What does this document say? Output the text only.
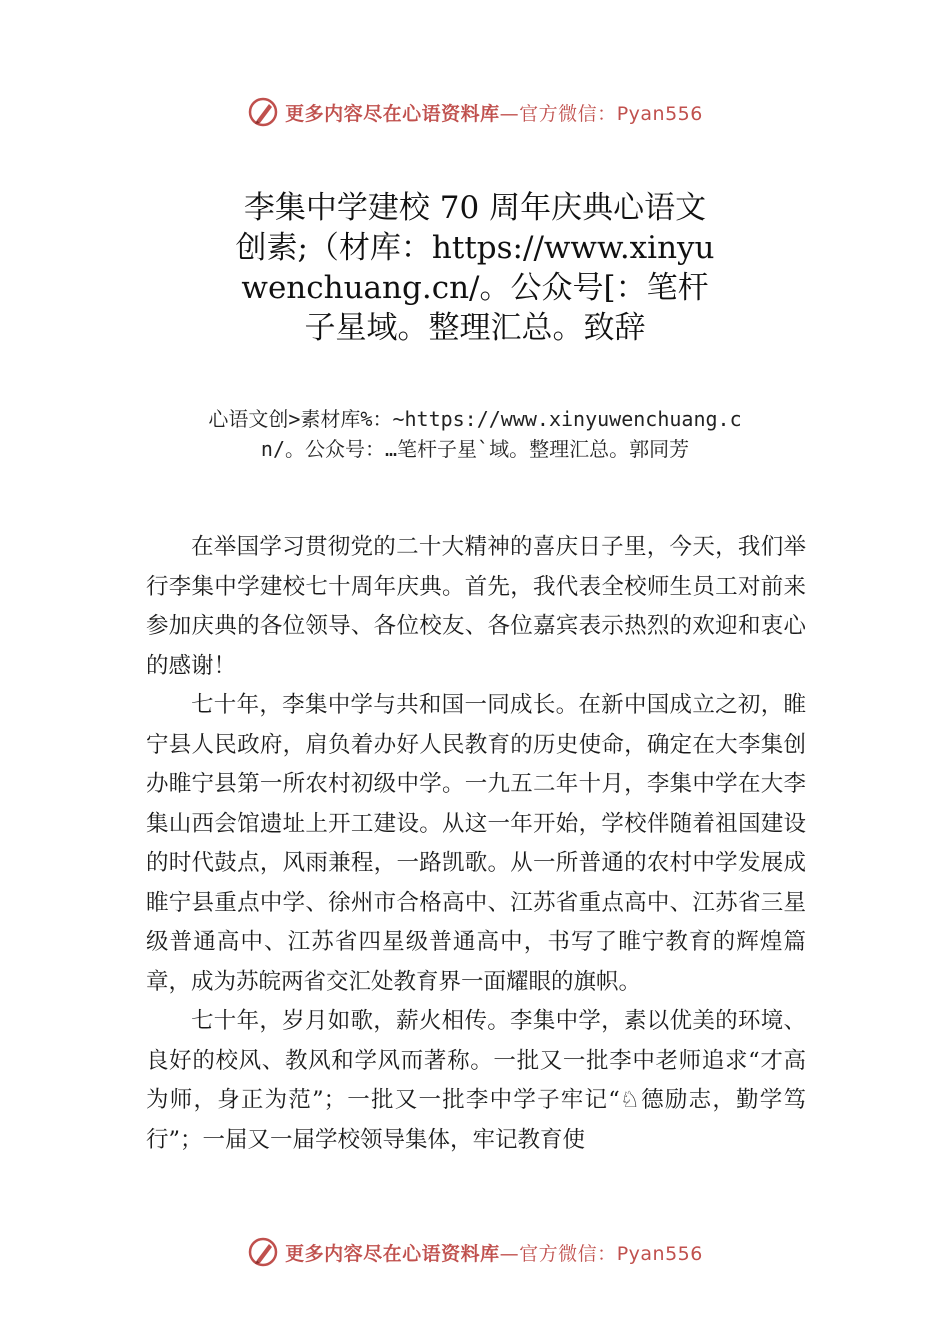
更多内容尽在心语资料库—官方微信：Pyan556
李集中学建校 70 周年庆典心语文创素;（材库：https://www.xinyuwenchuang.cn/。公众号[：笔杆子星域。整理汇总。致辞
心语文创>素材库%：~https://www.xinyuwenchuang.cn/。公众号：…笔杆子星`域。整理汇总。郭同芳

在举国学习贯彻党的二十大精神的喜庆日子里，今天，我们举行李集中学建校七十周年庆典。首先，我代表全校师生员工对前来参加庆典的各位领导、各位校友、各位嘉宾表示热烈的欢迎和衷心的感谢！

七十年，李集中学与共和国一同成长。在新中国成立之初，睢宁县人民政府，肩负着办好人民教育的历史使命，确定在大李集创办睢宁县第一所农村初级中学。一九五二年十月，李集中学在大李集山西会馆遗址上开工建设。从这一年开始，学校伴随着祖国建设的时代鼓点，风雨兼程，一路凯歌。从一所普通的农村中学发展成睢宁县重点中学、徐州市合格高中、江苏省重点高中、江苏省三星级普通高中、江苏省四星级普通高中，书写了睢宁教育的辉煌篇章，成为苏皖两省交汇处教育界一面耀眼的旗帜。

七十年，岁月如歌，薪火相传。李集中学，素以优美的环境、良好的校风、教风和学风而著称。一批又一批李中老师追求“才高为师，身正为范”；一批又一批李中学子牢记“♘德励志，勤学笃行”；一届又一届学校领导集体，牢记教育使

更多内容尽在心语资料库—官方微信：Pyan556
